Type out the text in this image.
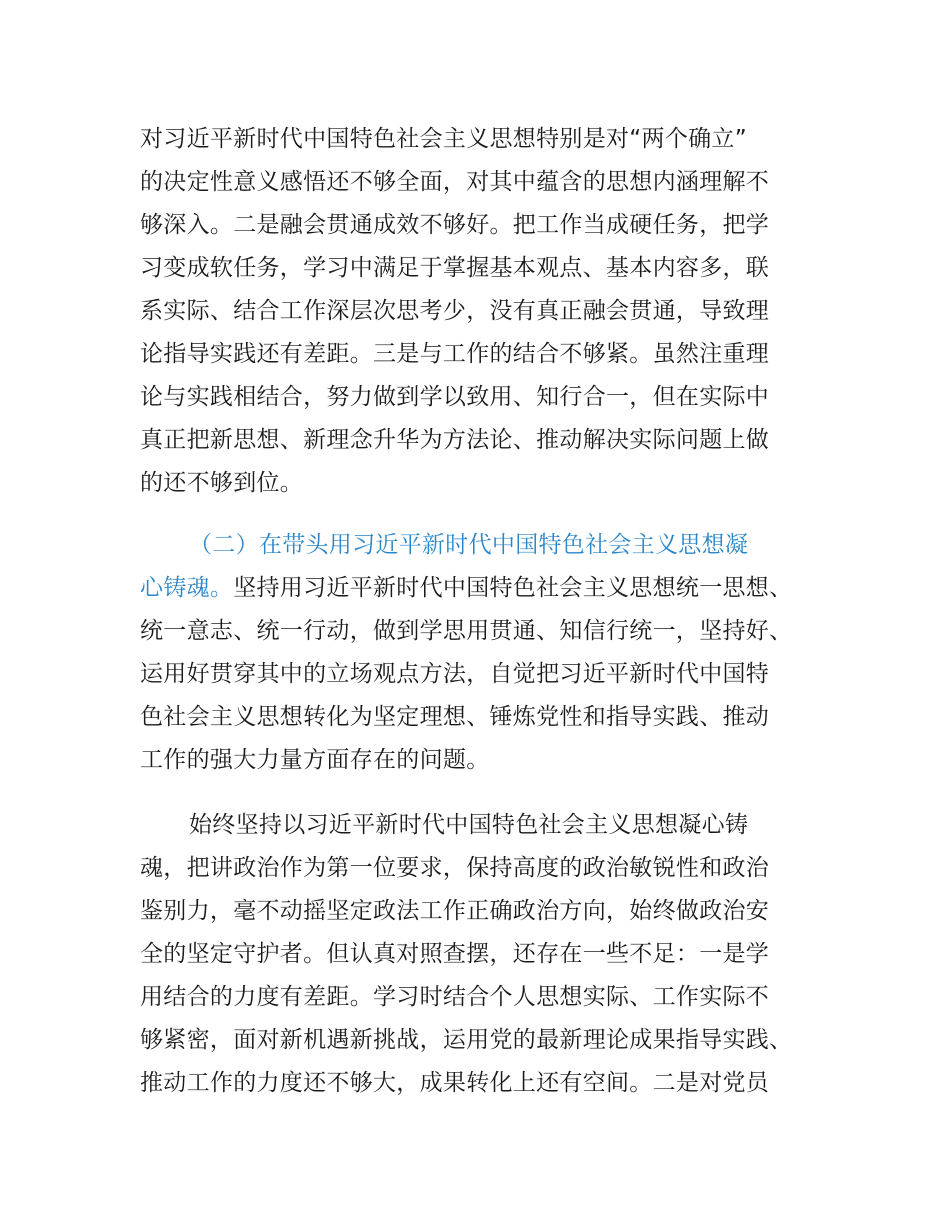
对习近平新时代中国特色社会主义思想特别是对“两个确立”
的决定性意义感悟还不够全面，对其中蕴含的思想内涵理解不
够深入。二是融会贯通成效不够好。把工作当成硬任务，把学
习变成软任务，学习中满足于掌握基本观点、基本内容多，联
系实际、结合工作深层次思考少，没有真正融会贯通，导致理
论指导实践还有差距。三是与工作的结合不够紧。虽然注重理
论与实践相结合，努力做到学以致用、知行合一，但在实际中
真正把新思想、新理念升华为方法论、推动解决实际问题上做
的还不够到位。
（二）在带头用习近平新时代中国特色社会主义思想凝
心铸魂。坚持用习近平新时代中国特色社会主义思想统一思想、
统一意志、统一行动，做到学思用贯通、知信行统一，坚持好、
运用好贯穿其中的立场观点方法，自觉把习近平新时代中国特
色社会主义思想转化为坚定理想、锤炼党性和指导实践、推动
工作的强大力量方面存在的问题。
始终坚持以习近平新时代中国特色社会主义思想凝心铸
魂，把讲政治作为第一位要求，保持高度的政治敏锐性和政治
鉴别力，毫不动摇坚定政法工作正确政治方向，始终做政治安
全的坚定守护者。但认真对照查摆，还存在一些不足：一是学
用结合的力度有差距。学习时结合个人思想实际、工作实际不
够紧密，面对新机遇新挑战，运用党的最新理论成果指导实践、
推动工作的力度还不够大，成果转化上还有空间。二是对党员
